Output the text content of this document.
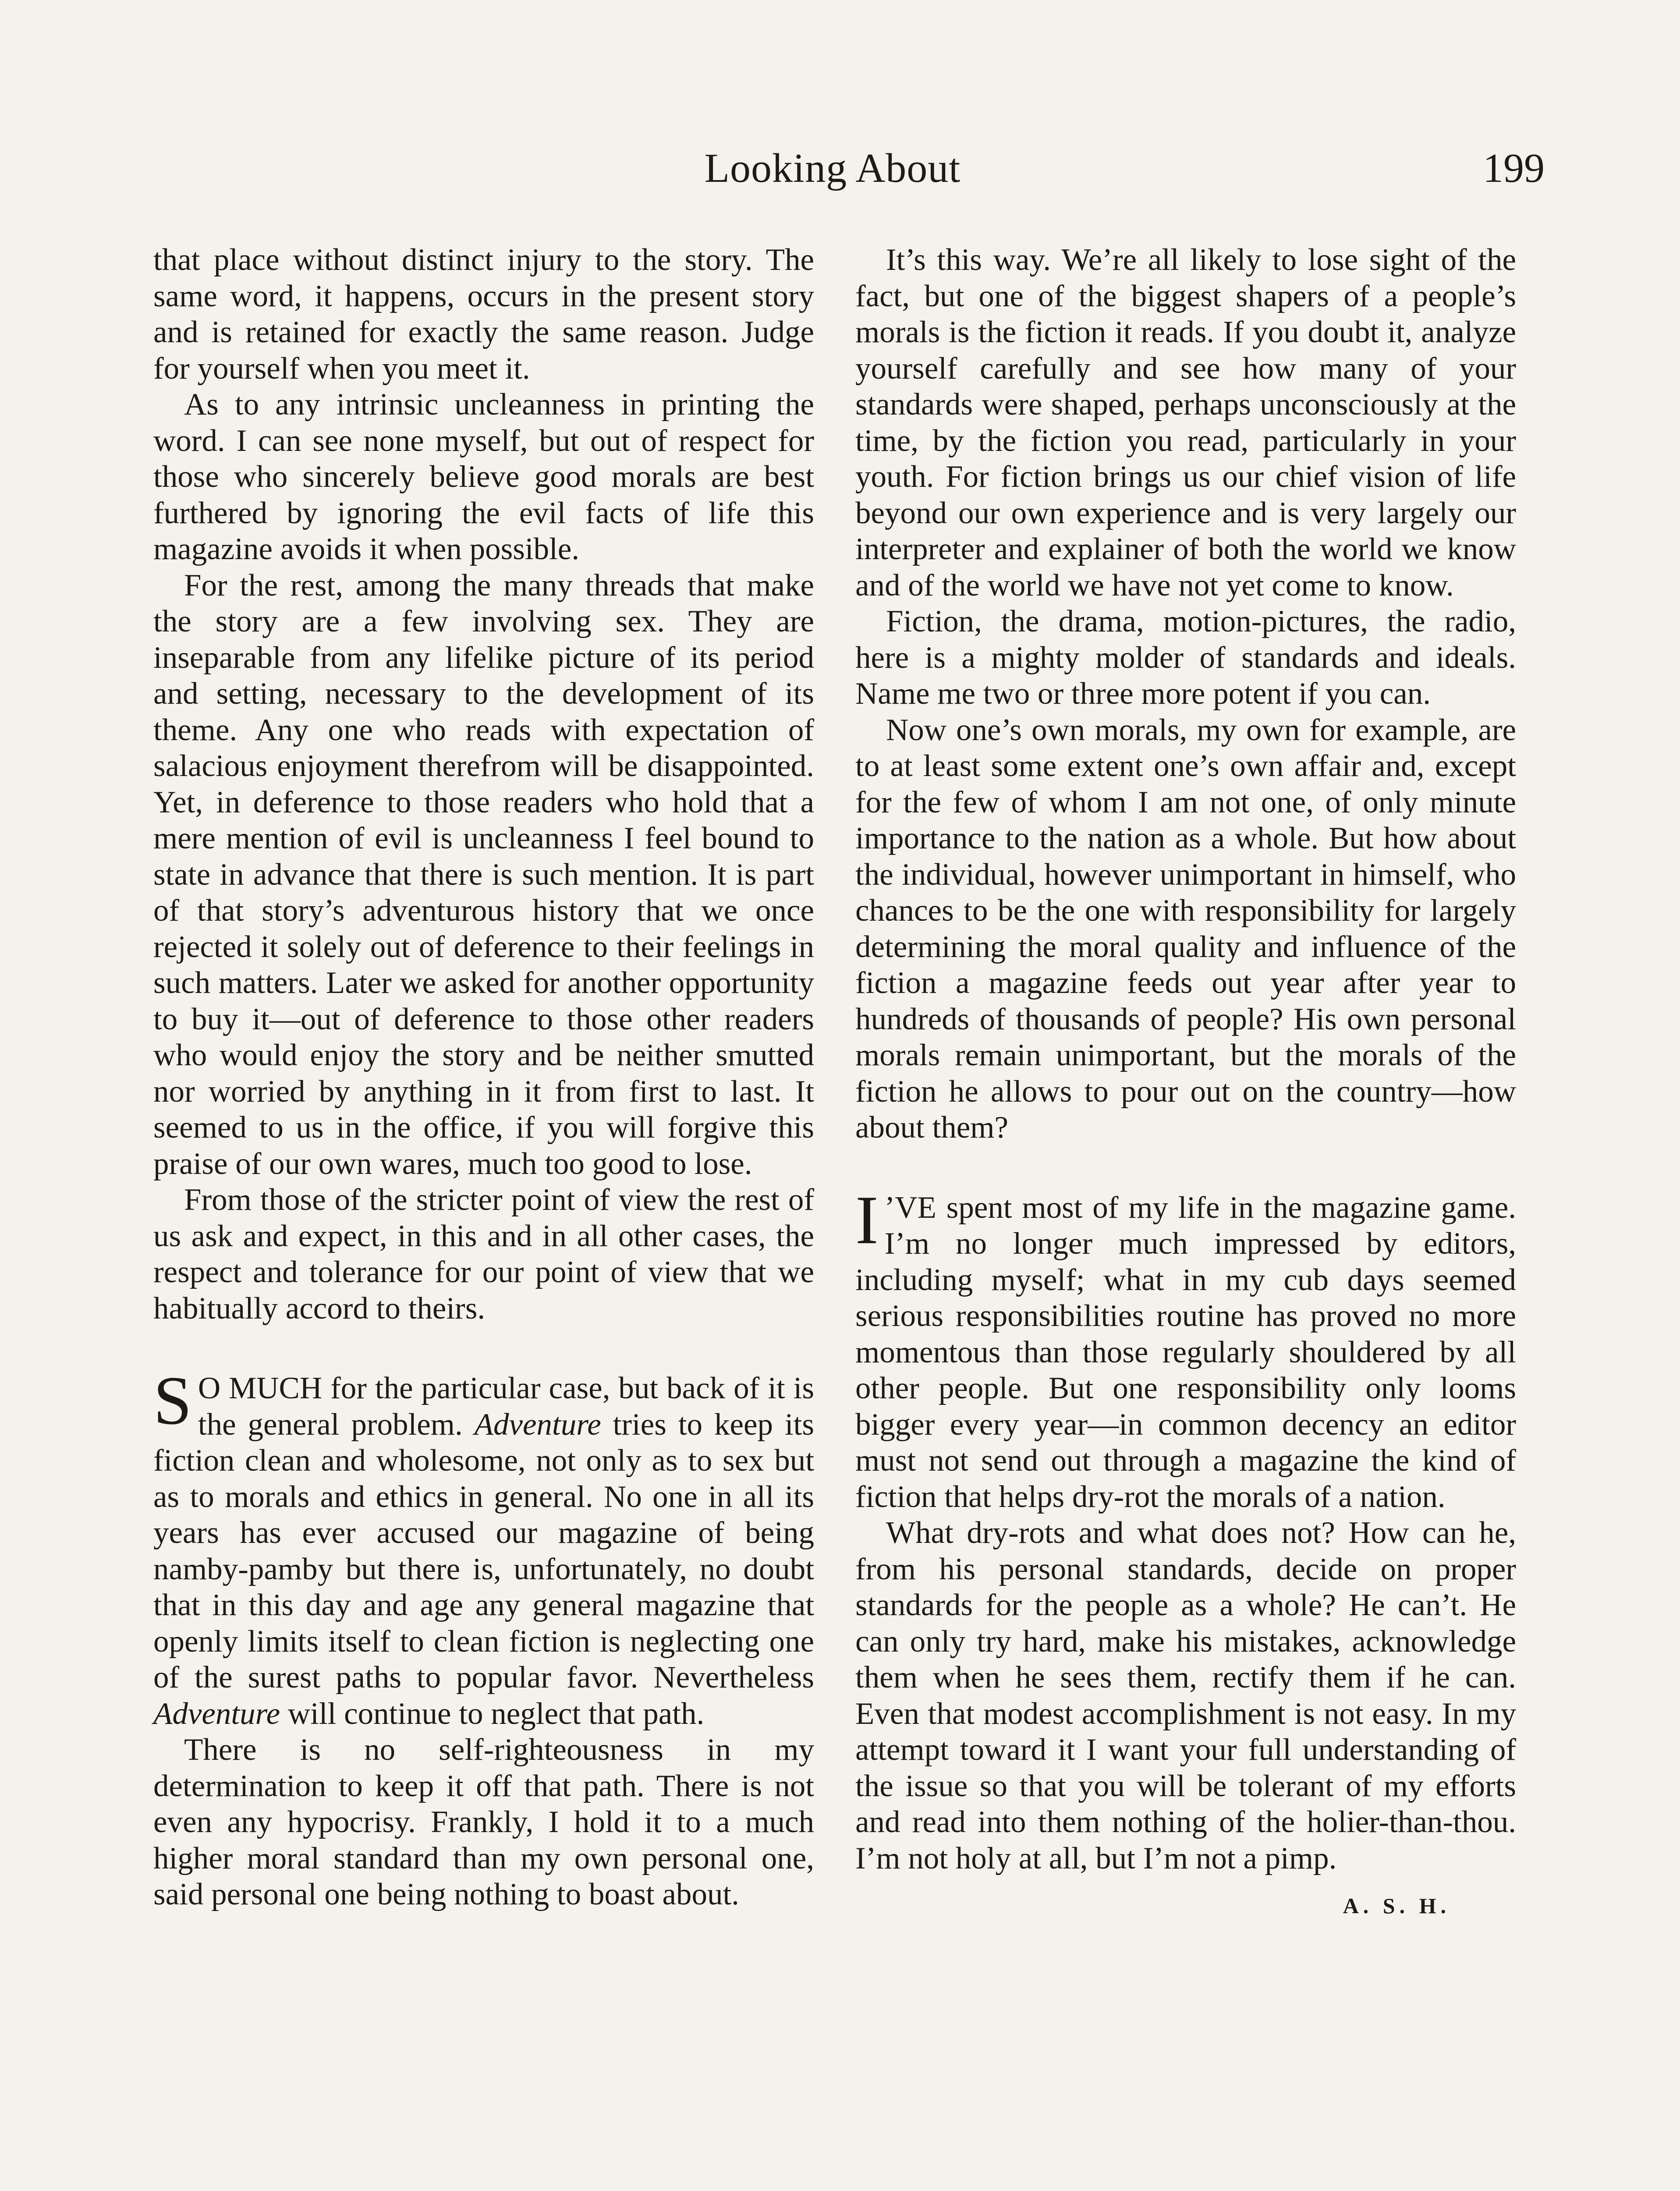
Looking About	199

that place without distinct injury to the story. The same word, it happens, occurs in the present story and is retained for exactly the same reason. Judge for yourself when you meet it.

As to any intrinsic uncleanness in printing the word. I can see none myself, but out of respect for those who sincerely believe good morals are best furthered by ignoring the evil facts of life this magazine avoids it when possible.

For the rest, among the many threads that make the story are a few involving sex. They are inseparable from any lifelike picture of its period and setting, necessary to the development of its theme. Any one who reads with expectation of salacious enjoyment therefrom will be disappointed. Yet, in deference to those readers who hold that a mere mention of evil is uncleanness I feel bound to state in advance that there is such mention. It is part of that story’s adventurous history that we once rejected it solely out of deference to their feelings in such matters. Later we asked for another opportunity to buy it—out of deference to those other readers who would enjoy the story and be neither smutted nor worried by anything in it from first to last. It seemed to us in the office, if you will forgive this praise of our own wares, much too good to lose.

From those of the stricter point of view the rest of us ask and expect, in this and in all other cases, the respect and tolerance for our point of view that we habitually accord to theirs.

S O MUCH for the particular case, but back of it is the general problem. Adventure tries to keep its fiction clean and wholesome, not only as to sex but as to morals and ethics in general. No one in all its years has ever accused our magazine of being namby-pamby but there is, unfortunately, no doubt that in this day and age any general magazine that openly limits itself to clean fiction is neglecting one of the surest paths to popular favor. Nevertheless Adventure will continue to neglect that path.

There is no self-righteousness in my determination to keep it off that path. There is not even any hypocrisy. Frankly, I hold it to a much higher moral standard than my own personal one, said personal one being nothing to boast about.

It’s this way. We’re all likely to lose sight of the fact, but one of the biggest shapers of a people’s morals is the fiction it reads. If you doubt it, analyze yourself carefully and see how many of your standards were shaped, perhaps unconsciously at the time, by the fiction you read, particularly in your youth. For fiction brings us our chief vision of life beyond our own experience and is very largely our interpreter and explainer of both the world we know and of the world we have not yet come to know.

Fiction, the drama, motion-pictures, the radio, here is a mighty molder of standards and ideals. Name me two or three more potent if you can.

Now one’s own morals, my own for example, are to at least some extent one’s own affair and, except for the few of whom I am not one, of only minute importance to the nation as a whole. But how about the individual, however unimportant in himself, who chances to be the one with responsibility for largely determining the moral quality and influence of the fiction a magazine feeds out year after year to hundreds of thousands of people? His own personal morals remain unimportant, but the morals of the fiction he allows to pour out on the country—how about them?

I ’VE spent most of my life in the magazine game. I’m no longer much impressed by editors, including myself; what in my cub days seemed serious responsibilities routine has proved no more momentous than those regularly shouldered by all other people. But one responsibility only looms bigger every year—in common decency an editor must not send out through a magazine the kind of fiction that helps dry-rot the morals of a nation.

What dry-rots and what does not? How can he, from his personal standards, decide on proper standards for the people as a whole? He can’t. He can only try hard, make his mistakes, acknowledge them when he sees them, rectify them if he can. Even that modest accomplishment is not easy. In my attempt toward it I want your full understanding of the issue so that you will be tolerant of my efforts and read into them nothing of the holier-than-thou. I’m not holy at all, but I’m not a pimp.

A. S. H.
